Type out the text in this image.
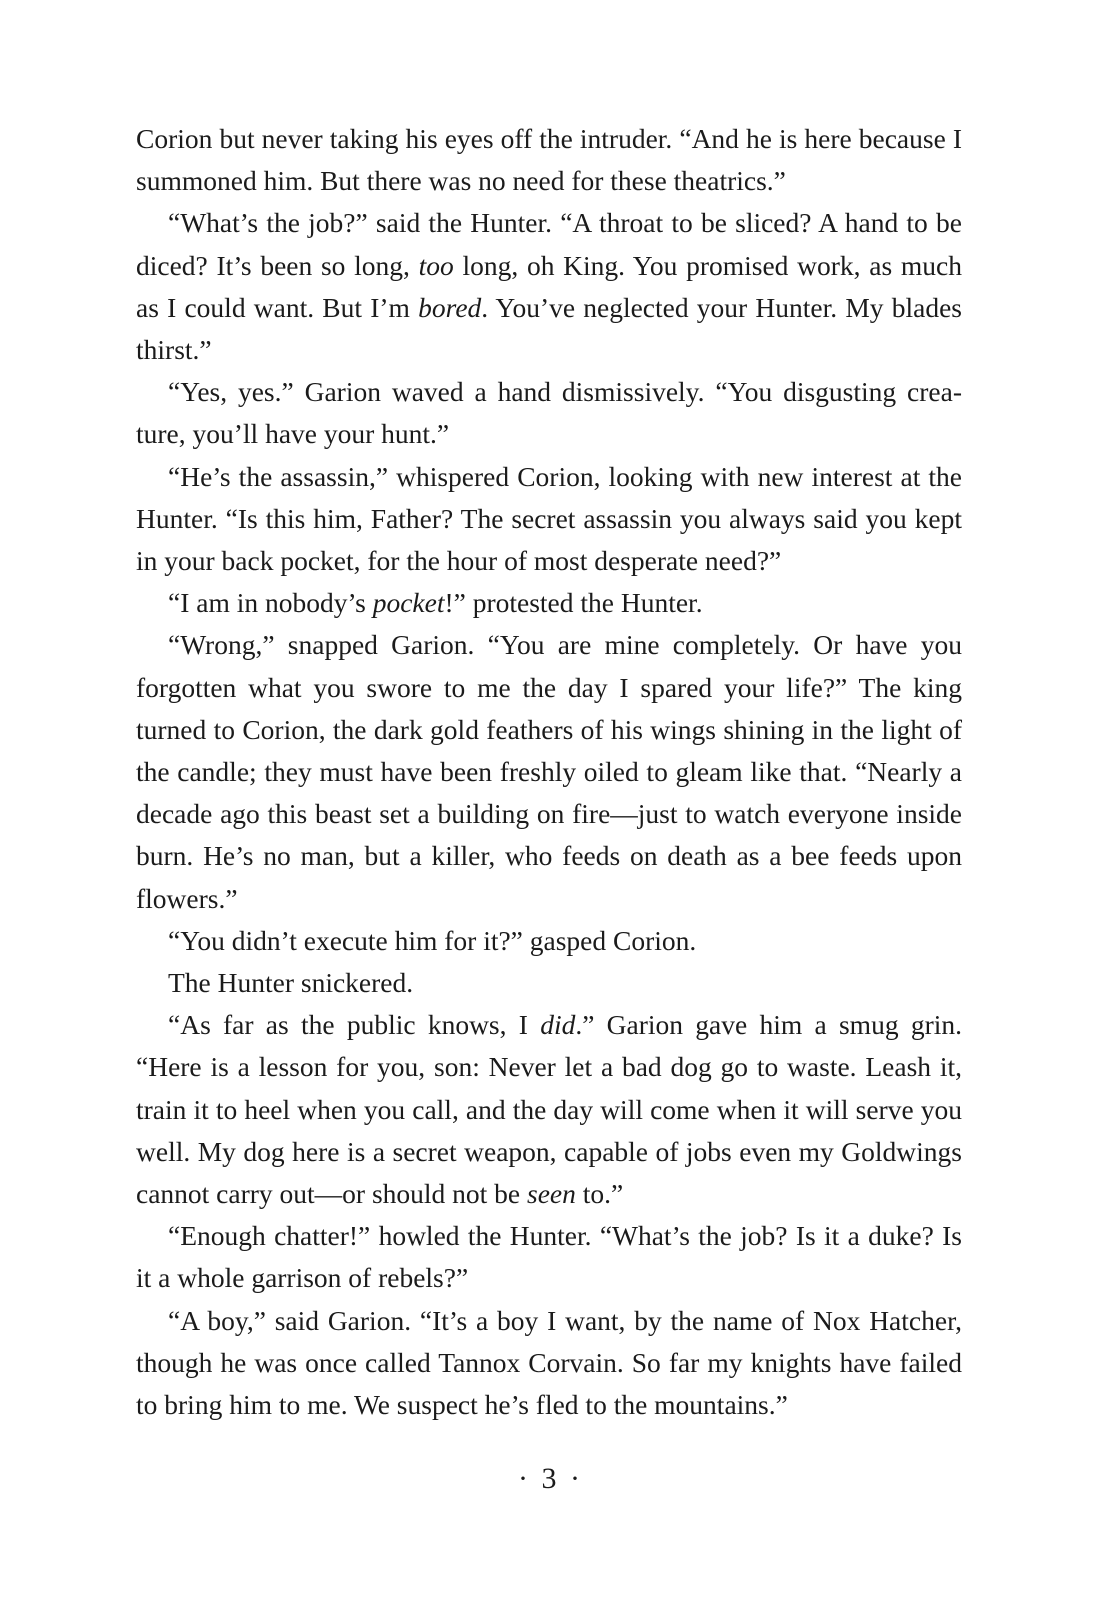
Corion but never taking his eyes off the intruder. “And he is here because I summoned him. But there was no need for these theatrics.”

“What’s the job?” said the Hunter. “A throat to be sliced? A hand to be diced? It’s been so long, too long, oh King. You promised work, as much as I could want. But I’m bored. You’ve neglected your Hunter. My blades thirst.”

“Yes, yes.” Garion waved a hand dismissively. “You disgusting creature, you’ll have your hunt.”

“He’s the assassin,” whispered Corion, looking with new interest at the Hunter. “Is this him, Father? The secret assassin you always said you kept in your back pocket, for the hour of most desperate need?”

“I am in nobody’s pocket!” protested the Hunter.

“Wrong,” snapped Garion. “You are mine completely. Or have you forgotten what you swore to me the day I spared your life?” The king turned to Corion, the dark gold feathers of his wings shining in the light of the candle; they must have been freshly oiled to gleam like that. “Nearly a decade ago this beast set a building on fire—just to watch everyone inside burn. He’s no man, but a killer, who feeds on death as a bee feeds upon flowers.”

“You didn’t execute him for it?” gasped Corion.

The Hunter snickered.

“As far as the public knows, I did.” Garion gave him a smug grin. “Here is a lesson for you, son: Never let a bad dog go to waste. Leash it, train it to heel when you call, and the day will come when it will serve you well. My dog here is a secret weapon, capable of jobs even my Goldwings cannot carry out—or should not be seen to.”

“Enough chatter!” howled the Hunter. “What’s the job? Is it a duke? Is it a whole garrison of rebels?”

“A boy,” said Garion. “It’s a boy I want, by the name of Nox Hatcher, though he was once called Tannox Corvain. So far my knights have failed to bring him to me. We suspect he’s fled to the mountains.”

· 3 ·
